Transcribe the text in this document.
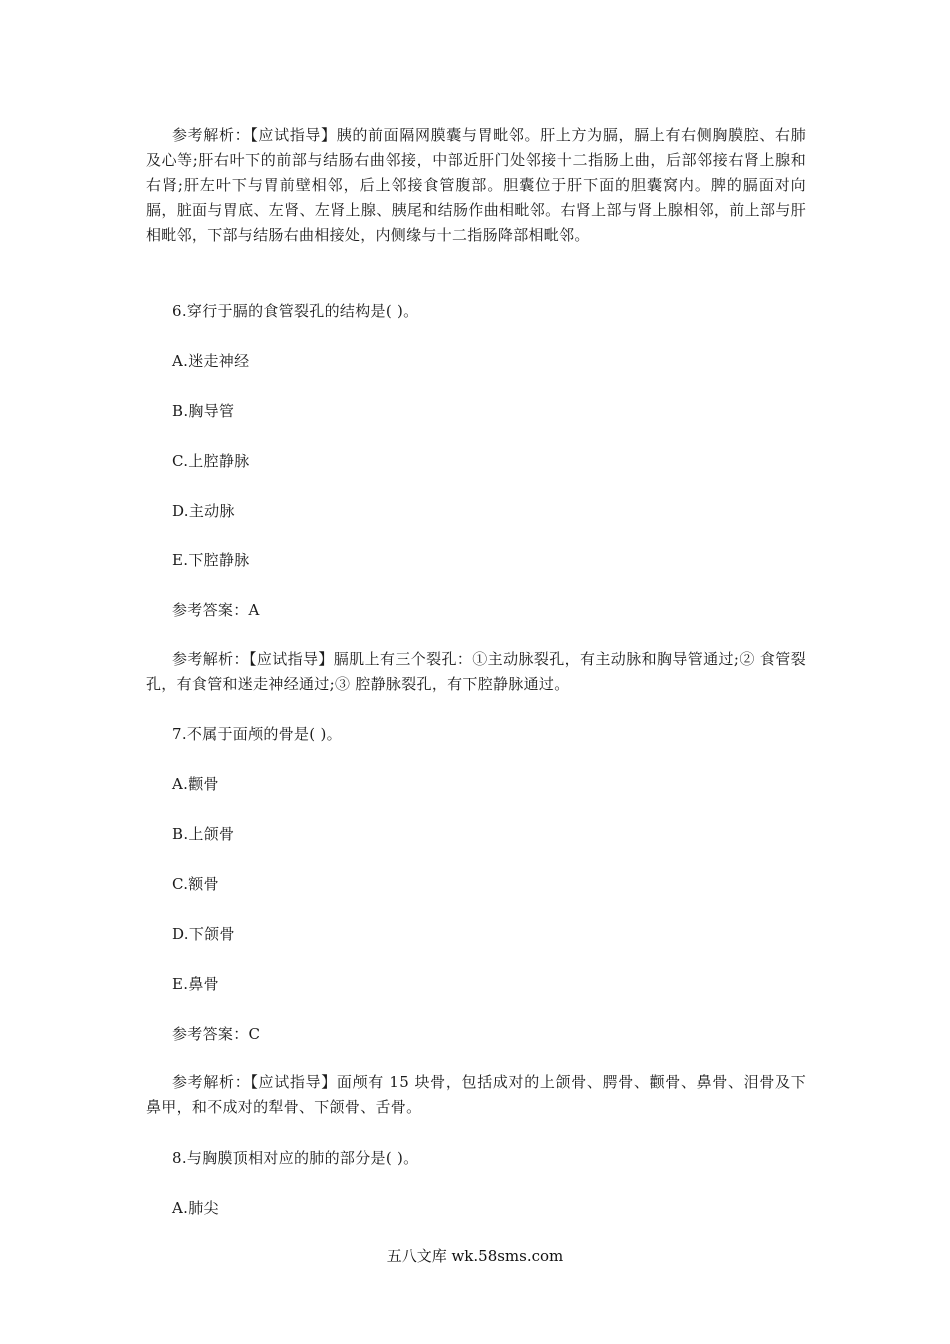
参考解析：【应试指导】胰的前面隔网膜囊与胃毗邻。肝上方为膈，膈上有右侧胸膜腔、右肺及心等;肝右叶下的前部与结肠右曲邻接，中部近肝门处邻接十二指肠上曲，后部邻接右肾上腺和右肾;肝左叶下与胃前壁相邻，后上邻接食管腹部。胆囊位于肝下面的胆囊窝内。脾的膈面对向膈，脏面与胃底、左肾、左肾上腺、胰尾和结肠作曲相毗邻。右肾上部与肾上腺相邻，前上部与肝相毗邻，下部与结肠右曲相接处，内侧缘与十二指肠降部相毗邻。

6.穿行于膈的食管裂孔的结构是( )。

A.迷走神经

B.胸导管

C.上腔静脉

D.主动脉

E.下腔静脉

参考答案：A

参考解析：【应试指导】膈肌上有三个裂孔：①主动脉裂孔，有主动脉和胸导管通过;② 食管裂孔，有食管和迷走神经通过;③ 腔静脉裂孔，有下腔静脉通过。

7.不属于面颅的骨是( )。

A.颧骨

B.上颌骨

C.额骨

D.下颌骨

E.鼻骨

参考答案：C

参考解析：【应试指导】面颅有 15 块骨，包括成对的上颌骨、腭骨、颧骨、鼻骨、泪骨及下鼻甲，和不成对的犁骨、下颌骨、舌骨。

8.与胸膜顶相对应的肺的部分是( )。

A.肺尖

五八文库 wk.58sms.com
